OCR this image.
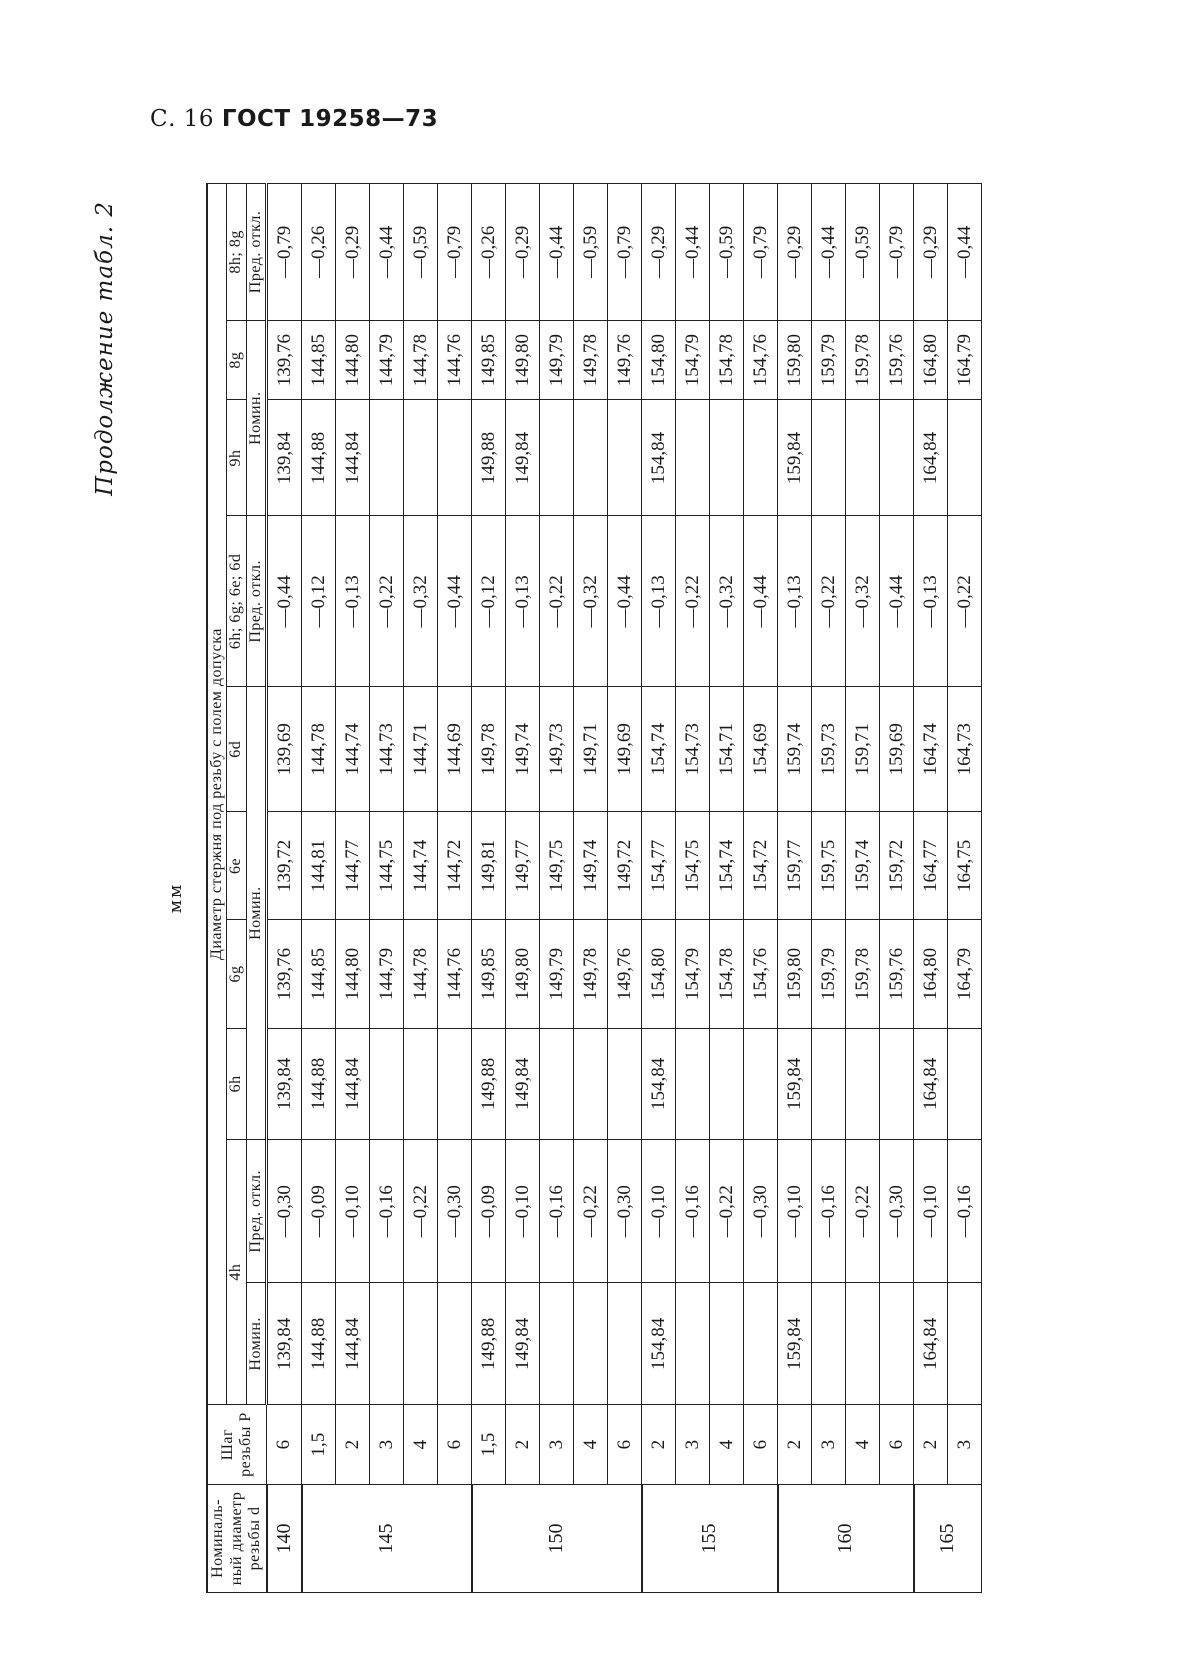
С. 16 ГОСТ 19258—73
Продолжение табл. 2
мм
Номиналь-ный диаметр резьбы d	Шаг резьбы P	Диаметр стержня под резьбу с полем допуска									
		4h		6h	6g	6e	6d	6h; 6g; 6e; 6d	9h	8g	8h; 8g
		Номин.	Пред. откл.	Номин.				Пред. откл.	Номин.		Пред. откл.
140	6	139,84	—0,30	139,84	139,76	139,72	139,69	—0,44	139,84	139,76	—0,79
145	1,5	144,88	—0,09	144,88	144,85	144,81	144,78	—0,12	144,88	144,85	—0,26
	2	144,84	—0,10	144,84	144,80	144,77	144,74	—0,13	144,84	144,80	—0,29
	3		—0,16		144,79	144,75	144,73	—0,22		144,79	—0,44
	4		—0,22		144,78	144,74	144,71	—0,32		144,78	—0,59
	6		—0,30		144,76	144,72	144,69	—0,44		144,76	—0,79
150	1,5	149,88	—0,09	149,88	149,85	149,81	149,78	—0,12	149,88	149,85	—0,26
	2	149,84	—0,10	149,84	149,80	149,77	149,74	—0,13	149,84	149,80	—0,29
	3		—0,16		149,79	149,75	149,73	—0,22		149,79	—0,44
	4		—0,22		149,78	149,74	149,71	—0,32		149,78	—0,59
	6		—0,30		149,76	149,72	149,69	—0,44		149,76	—0,79
155	2	154,84	—0,10	154,84	154,80	154,77	154,74	—0,13	154,84	154,80	—0,29
	3		—0,16		154,79	154,75	154,73	—0,22		154,79	—0,44
	4		—0,22		154,78	154,74	154,71	—0,32		154,78	—0,59
	6		—0,30		154,76	154,72	154,69	—0,44		154,76	—0,79
160	2	159,84	—0,10	159,84	159,80	159,77	159,74	—0,13	159,84	159,80	—0,29
	3		—0,16		159,79	159,75	159,73	—0,22		159,79	—0,44
	4		—0,22		159,78	159,74	159,71	—0,32		159,78	—0,59
	6		—0,30		159,76	159,72	159,69	—0,44		159,76	—0,79
165	2	164,84	—0,10	164,84	164,80	164,77	164,74	—0,13	164,84	164,80	—0,29
	3		—0,16		164,79	164,75	164,73	—0,22		164,79	—0,44
